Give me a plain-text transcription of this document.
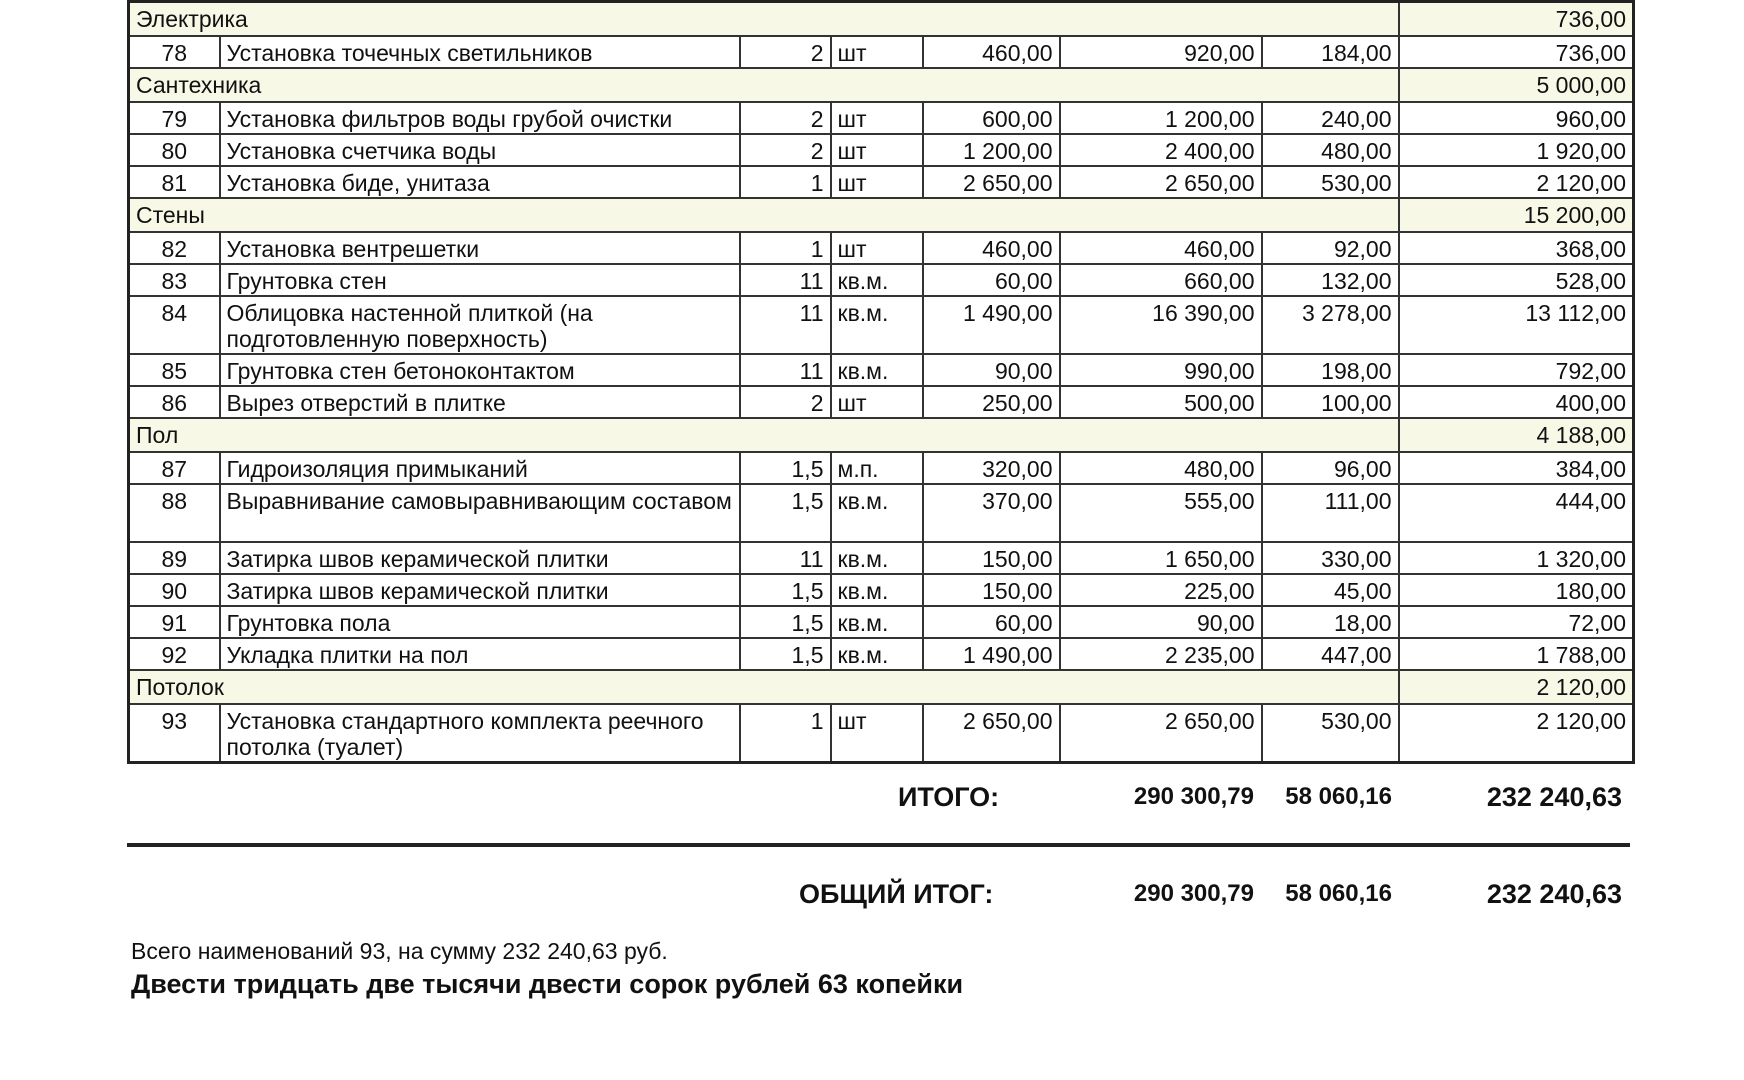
Электрика							736,00
78	Установка точечных светильников	2	шт	460,00	920,00	184,00	736,00
Сантехника							5 000,00
79	Установка фильтров воды грубой очистки	2	шт	600,00	1 200,00	240,00	960,00
80	Установка счетчика воды	2	шт	1 200,00	2 400,00	480,00	1 920,00
81	Установка биде, унитаза	1	шт	2 650,00	2 650,00	530,00	2 120,00
Стены							15 200,00
82	Установка вентрешетки	1	шт	460,00	460,00	92,00	368,00
83	Грунтовка стен	11	кв.м.	60,00	660,00	132,00	528,00
84	Облицовка настенной плиткой (на подготовленную поверхность)	11	кв.м.	1 490,00	16 390,00	3 278,00	13 112,00
85	Грунтовка стен бетоноконтактом	11	кв.м.	90,00	990,00	198,00	792,00
86	Вырез отверстий в плитке	2	шт	250,00	500,00	100,00	400,00
Пол							4 188,00
87	Гидроизоляция примыканий	1,5	м.п.	320,00	480,00	96,00	384,00
88	Выравнивание самовыравнивающим составом	1,5	кв.м.	370,00	555,00	111,00	444,00
89	Затирка швов керамической плитки	11	кв.м.	150,00	1 650,00	330,00	1 320,00
90	Затирка швов керамической плитки	1,5	кв.м.	150,00	225,00	45,00	180,00
91	Грунтовка пола	1,5	кв.м.	60,00	90,00	18,00	72,00
92	Укладка плитки на пол	1,5	кв.м.	1 490,00	2 235,00	447,00	1 788,00
Потолок							2 120,00
93	Установка стандартного комплекта реечного потолка (туалет)	1	шт	2 650,00	2 650,00	530,00	2 120,00
ИТОГО:	290 300,79	58 060,16	232 240,63
ОБЩИЙ ИТОГ:	290 300,79	58 060,16	232 240,63
Всего наименований 93, на сумму 232 240,63 руб.
Двести тридцать две тысячи двести сорок рублей 63 копейки
